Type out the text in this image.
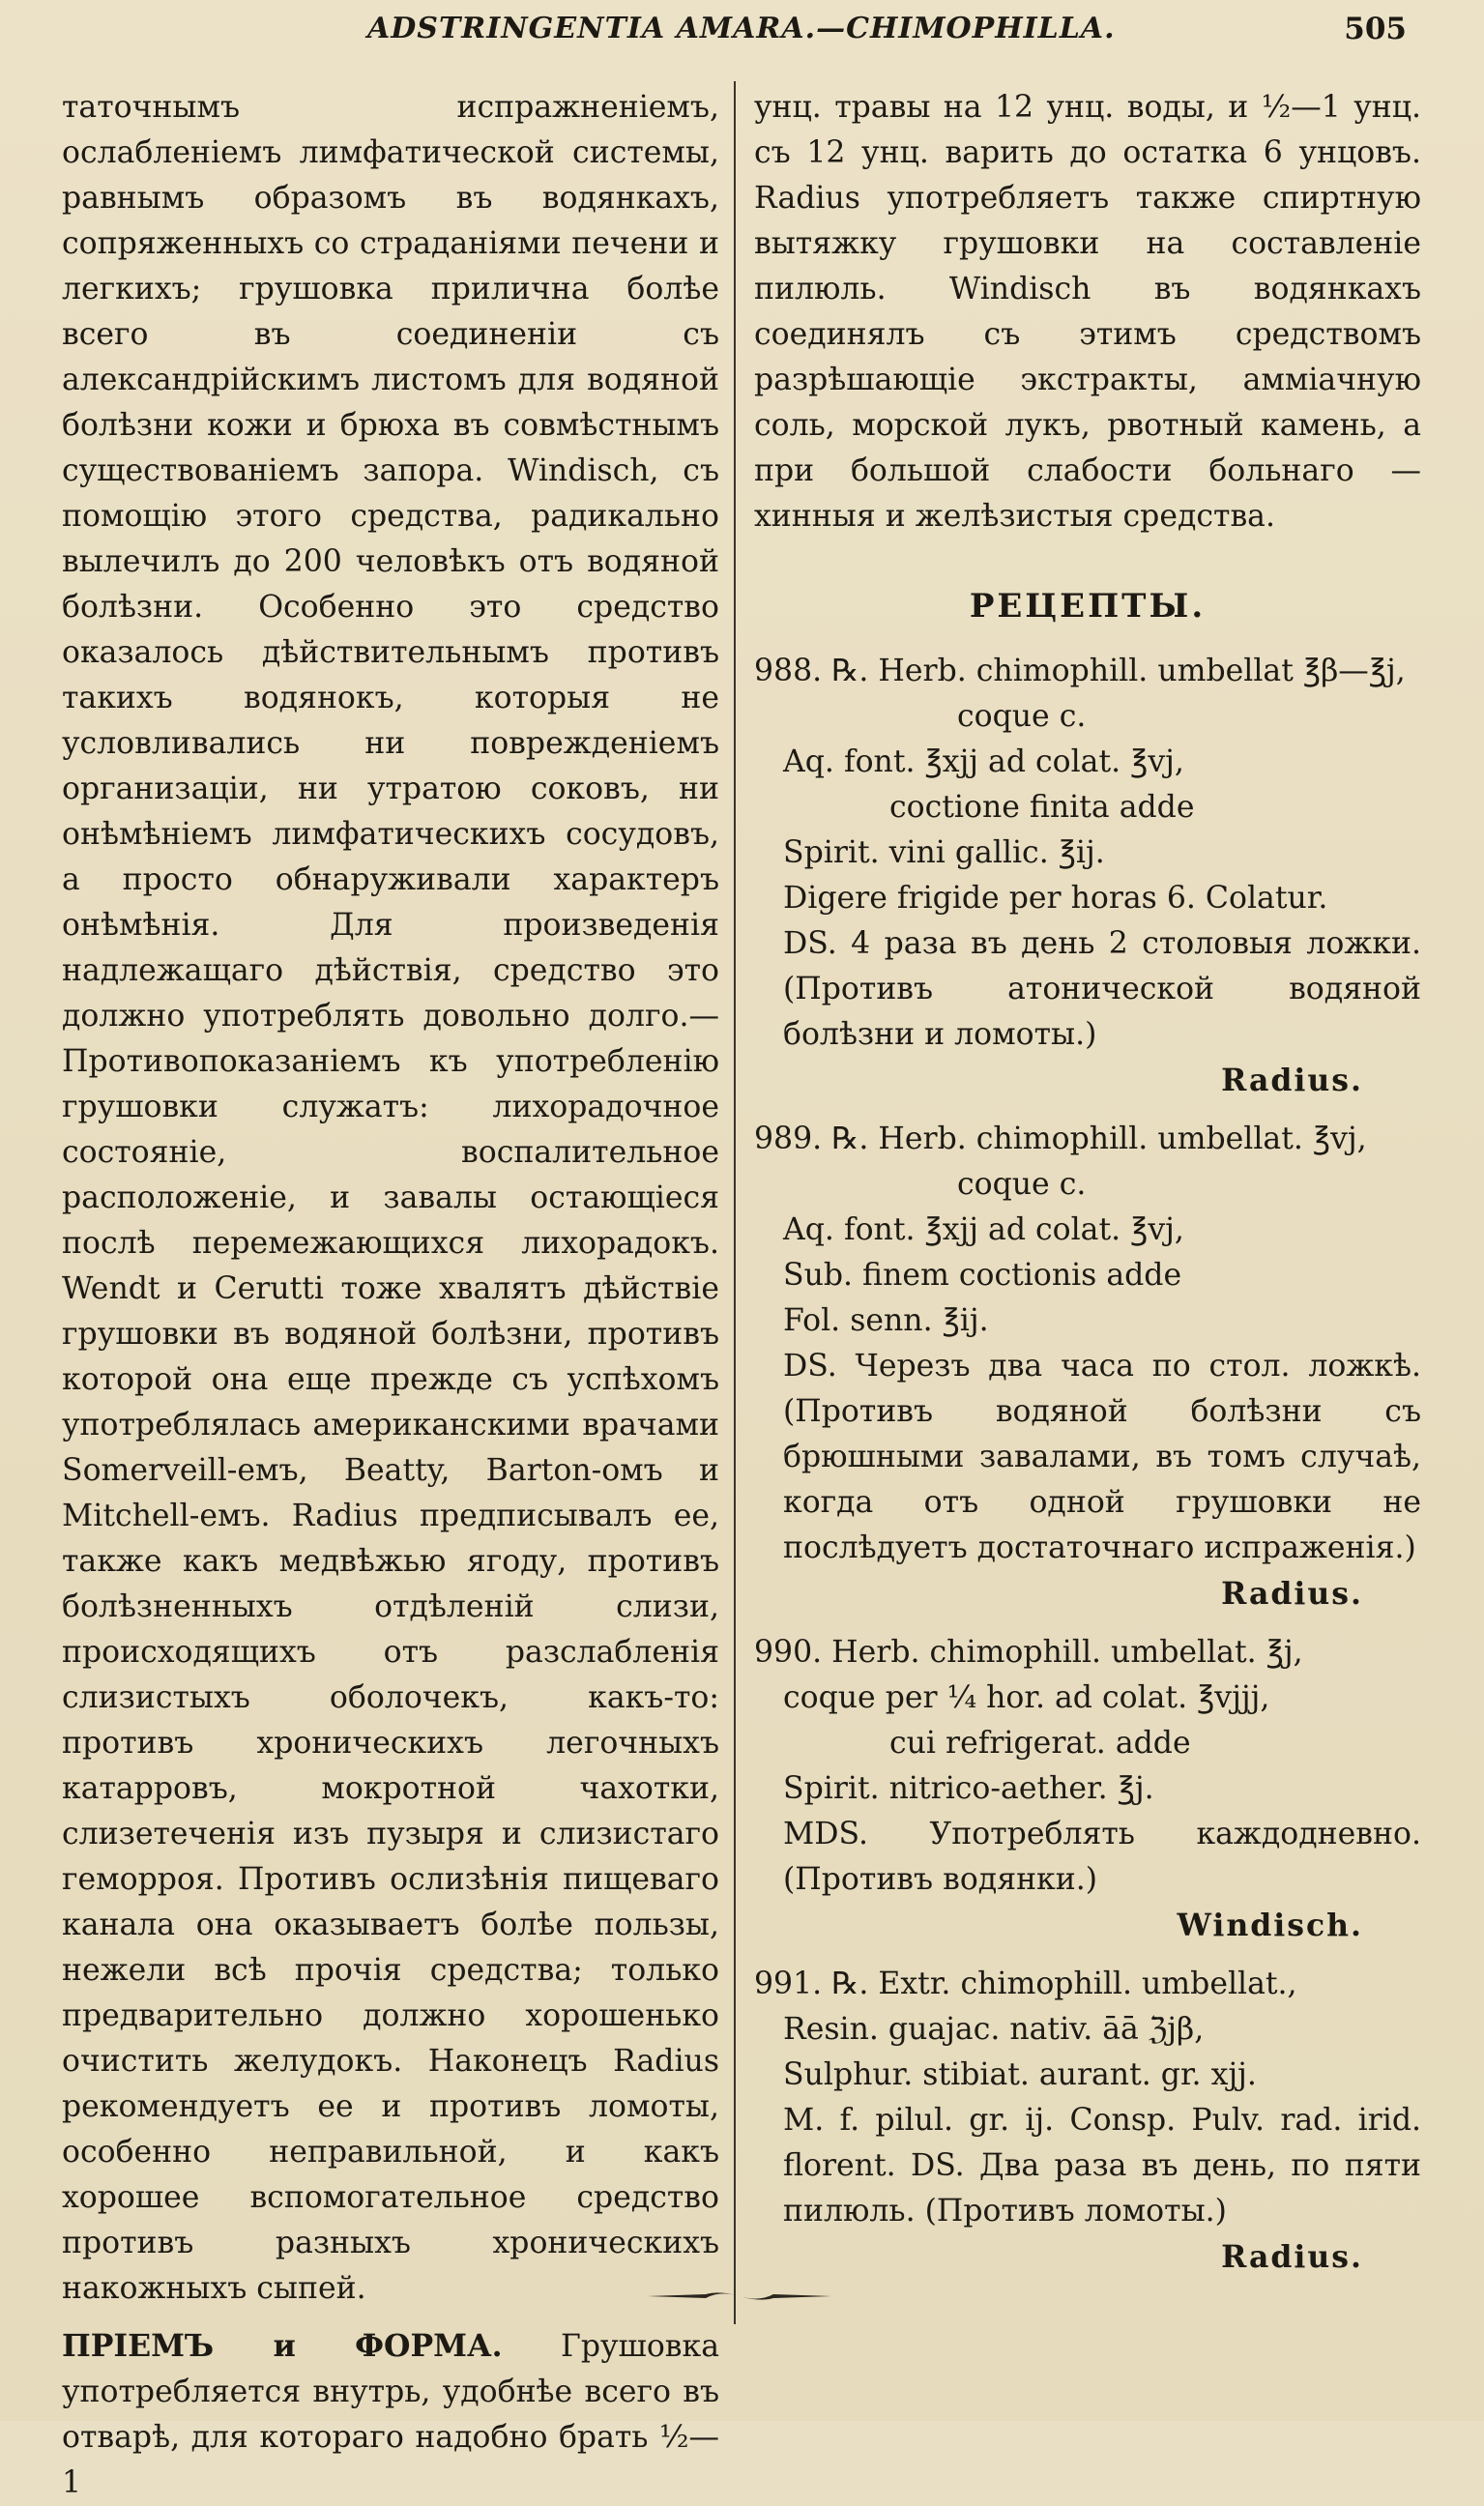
ADSTRINGENTIA AMARA.—CHIMOPHILLA.	505

таточнымъ испражненіемъ, ослабленіемъ лимфатической системы, равнымъ образомъ въ водянкахъ, сопряженныхъ со страданіями печени и легкихъ; грушовка прилична болѣе всего въ соединеніи съ александрійскимъ листомъ для водяной болѣзни кожи и брюха въ совмѣстнымъ существованіемъ запора. Windisch, съ помощію этого средства, радикально вылечилъ до 200 человѣкъ отъ водяной болѣзни. Особенно это средство оказалось дѣйствительнымъ противъ такихъ водянокъ, которыя не условливались ни поврежденіемъ организаціи, ни утратою соковъ, ни онѣмѣніемъ лимфатическихъ сосудовъ, а просто обнаруживали характеръ онѣмѣнія. Для произведенія надлежащаго дѣйствія, средство это должно употреблять довольно долго.—Противопоказаніемъ къ употребленію грушовки служатъ: лихорадочное состояніе, воспалительное расположеніе, и завалы остающіеся послѣ перемежающихся лихорадокъ. Wendt и Cerutti тоже хвалятъ дѣйствіе грушовки въ водяной болѣзни, противъ которой она еще прежде съ успѣхомъ употреблялась американскими врачами Somerveill-емъ, Beatty, Barton-омъ и Mitchell-емъ. Radius предписывалъ ее, также какъ медвѣжью ягоду, противъ болѣзненныхъ отдѣленій слизи, происходящихъ отъ разслабленія слизистыхъ оболочекъ, какъ-то: противъ хроническихъ легочныхъ катарровъ, мокротной чахотки, слизетеченія изъ пузыря и слизистаго геморроя. Противъ ослизѣнія пищеваго канала она оказываетъ болѣе пользы, нежели всѣ прочія средства; только предварительно должно хорошенько очистить желудокъ. Наконецъ Radius рекомендуетъ ее и противъ ломоты, особенно неправильной, и какъ хорошее вспомогательное средство противъ разныхъ хроническихъ накожныхъ сыпей.

ПРІЕМЪ и ФОРМА. Грушовка употребляется внутрь, удобнѣе всего въ отварѣ, для котораго надобно брать ½—1

унц. травы на 12 унц. воды, и ½—1 унц. съ 12 унц. варить до остатка 6 унцовъ. Radius употребляетъ также спиртную вытяжку грушовки на составленіе пилюль. Windisch въ водянкахъ соединялъ съ этимъ средствомъ разрѣшающіе экстракты, амміачную соль, морской лукъ, рвотный камень, а при большой слабости больнаго — хинныя и желѣзистыя средства.

РЕЦЕПТЫ.
988. ℞. Herb. chimophill. umbellat ℥β—℥j,
coque c.
Aq. font. ℥xjj ad colat. ℥vj,
coctione finita adde
Spirit. vini gallic. ℥ij.
Digere frigide per horas 6. Colatur.

DS. 4 раза въ день 2 столовыя ложки. (Противъ атонической водяной болѣзни и ломоты.)

Radius.
989. ℞. Herb. chimophill. umbellat. ℥vj,
coque c.
Aq. font. ℥xjj ad colat. ℥vj,
Sub. finem coctionis adde
Fol. senn. ℥ij.

DS. Черезъ два часа по стол. ложкѣ. (Противъ водяной болѣзни съ брюшными завалами, въ томъ случаѣ, когда отъ одной грушовки не послѣдуетъ достаточнаго испраженія.)

Radius.
990. Herb. chimophill. umbellat. ℥j,
coque per ¼ hor. ad colat. ℥vjjj,
cui refrigerat. adde
Spirit. nitrico-aether. ℥j.

MDS. Употреблять каждодневно. (Противъ водянки.)

Windisch.
991. ℞. Extr. chimophill. umbellat.,
Resin. guajac. nativ. āā ℨjβ,
Sulphur. stibiat. aurant. gr. xjj.

M. f. pilul. gr. ij. Consp. Pulv. rad. irid. florent. DS. Два раза въ день, по пяти пилюль. (Противъ ломоты.)

Radius.
